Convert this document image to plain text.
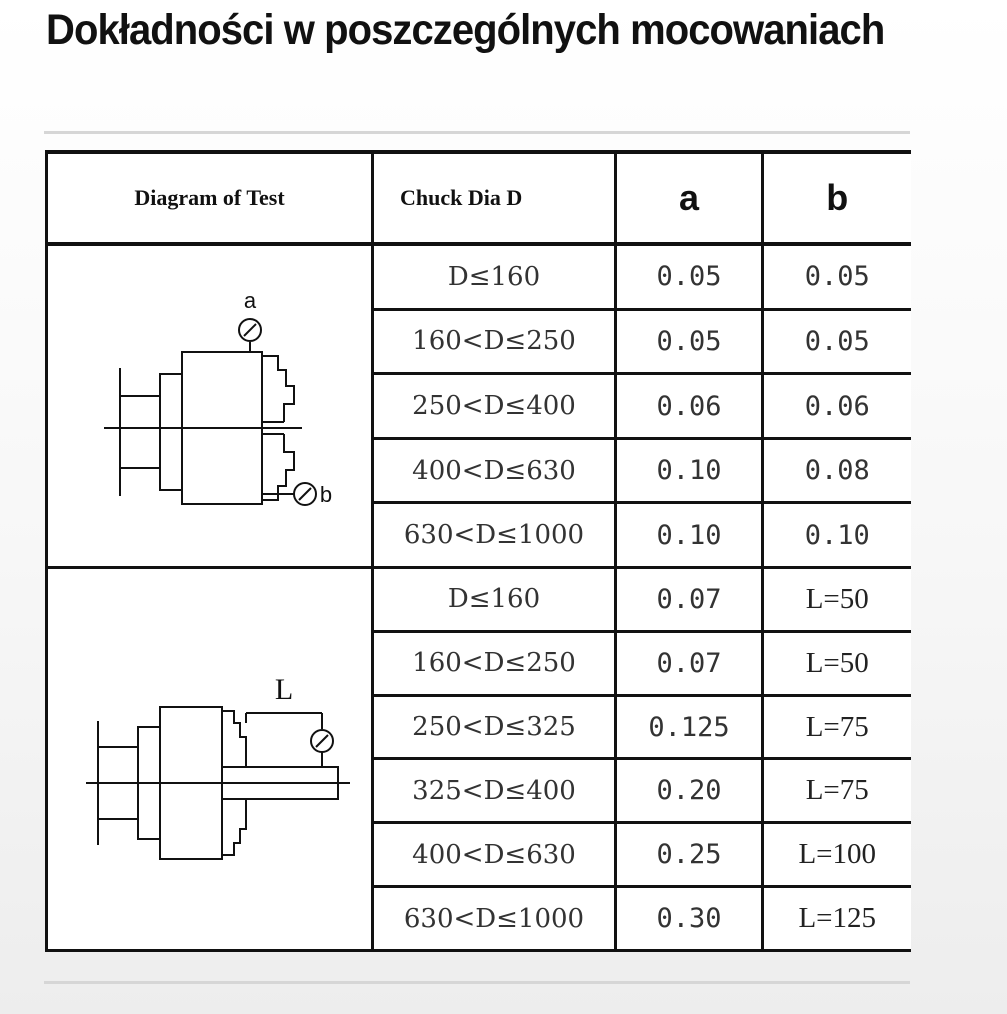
Dokładności w poszczególnych mocowaniach
Diagram of Test	Chuck Dia D	a	b

a
b	D≤160	0.05	0.05
	160<D≤250	0.05	0.05
	250<D≤400	0.06	0.06
	400<D≤630	0.10	0.08
	630<D≤1000	0.10	0.10

L	D≤160	0.07	L=50
	160<D≤250	0.07	L=50
	250<D≤325	0.125	L=75
	325<D≤400	0.20	L=75
	400<D≤630	0.25	L=100
	630<D≤1000	0.30	L=125
